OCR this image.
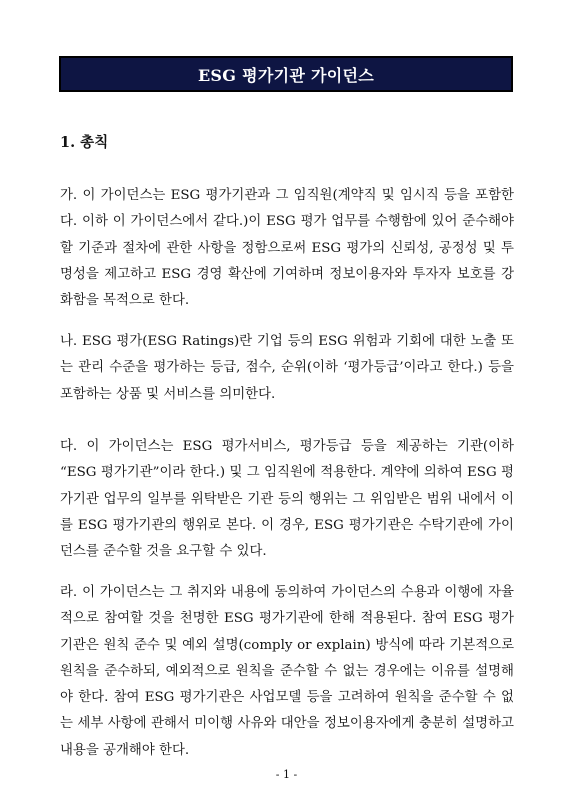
ESG 평가기관 가이던스
1. 총칙

가. 이 가이던스는 ESG 평가기관과 그 임직원(계약직 및 임시직 등을 포함한다. 이하 이 가이던스에서 같다.)이 ESG 평가 업무를 수행함에 있어 준수해야 할 기준과 절차에 관한 사항을 정함으로써 ESG 평가의 신뢰성, 공정성 및 투명성을 제고하고 ESG 경영 확산에 기여하며 정보이용자와 투자자 보호를 강화함을 목적으로 한다.

나. ESG 평가(ESG Ratings)란 기업 등의 ESG 위험과 기회에 대한 노출 또는 관리 수준을 평가하는 등급, 점수, 순위(이하 ‘평가등급’이라고 한다.) 등을 포함하는 상품 및 서비스를 의미한다.

다. 이 가이던스는 ESG 평가서비스, 평가등급 등을 제공하는 기관(이하 “ESG 평가기관”이라 한다.) 및 그 임직원에 적용한다. 계약에 의하여 ESG 평가기관 업무의 일부를 위탁받은 기관 등의 행위는 그 위임받은 범위 내에서 이를 ESG 평가기관의 행위로 본다. 이 경우, ESG 평가기관은 수탁기관에 가이던스를 준수할 것을 요구할 수 있다.

라. 이 가이던스는 그 취지와 내용에 동의하여 가이던스의 수용과 이행에 자율적으로 참여할 것을 천명한 ESG 평가기관에 한해 적용된다. 참여 ESG 평가기관은 원칙 준수 및 예외 설명(comply or explain) 방식에 따라 기본적으로 원칙을 준수하되, 예외적으로 원칙을 준수할 수 없는 경우에는 이유를 설명해야 한다. 참여 ESG 평가기관은 사업모델 등을 고려하여 원칙을 준수할 수 없는 세부 사항에 관해서 미이행 사유와 대안을 정보이용자에게 충분히 설명하고 내용을 공개해야 한다.

- 1 -
